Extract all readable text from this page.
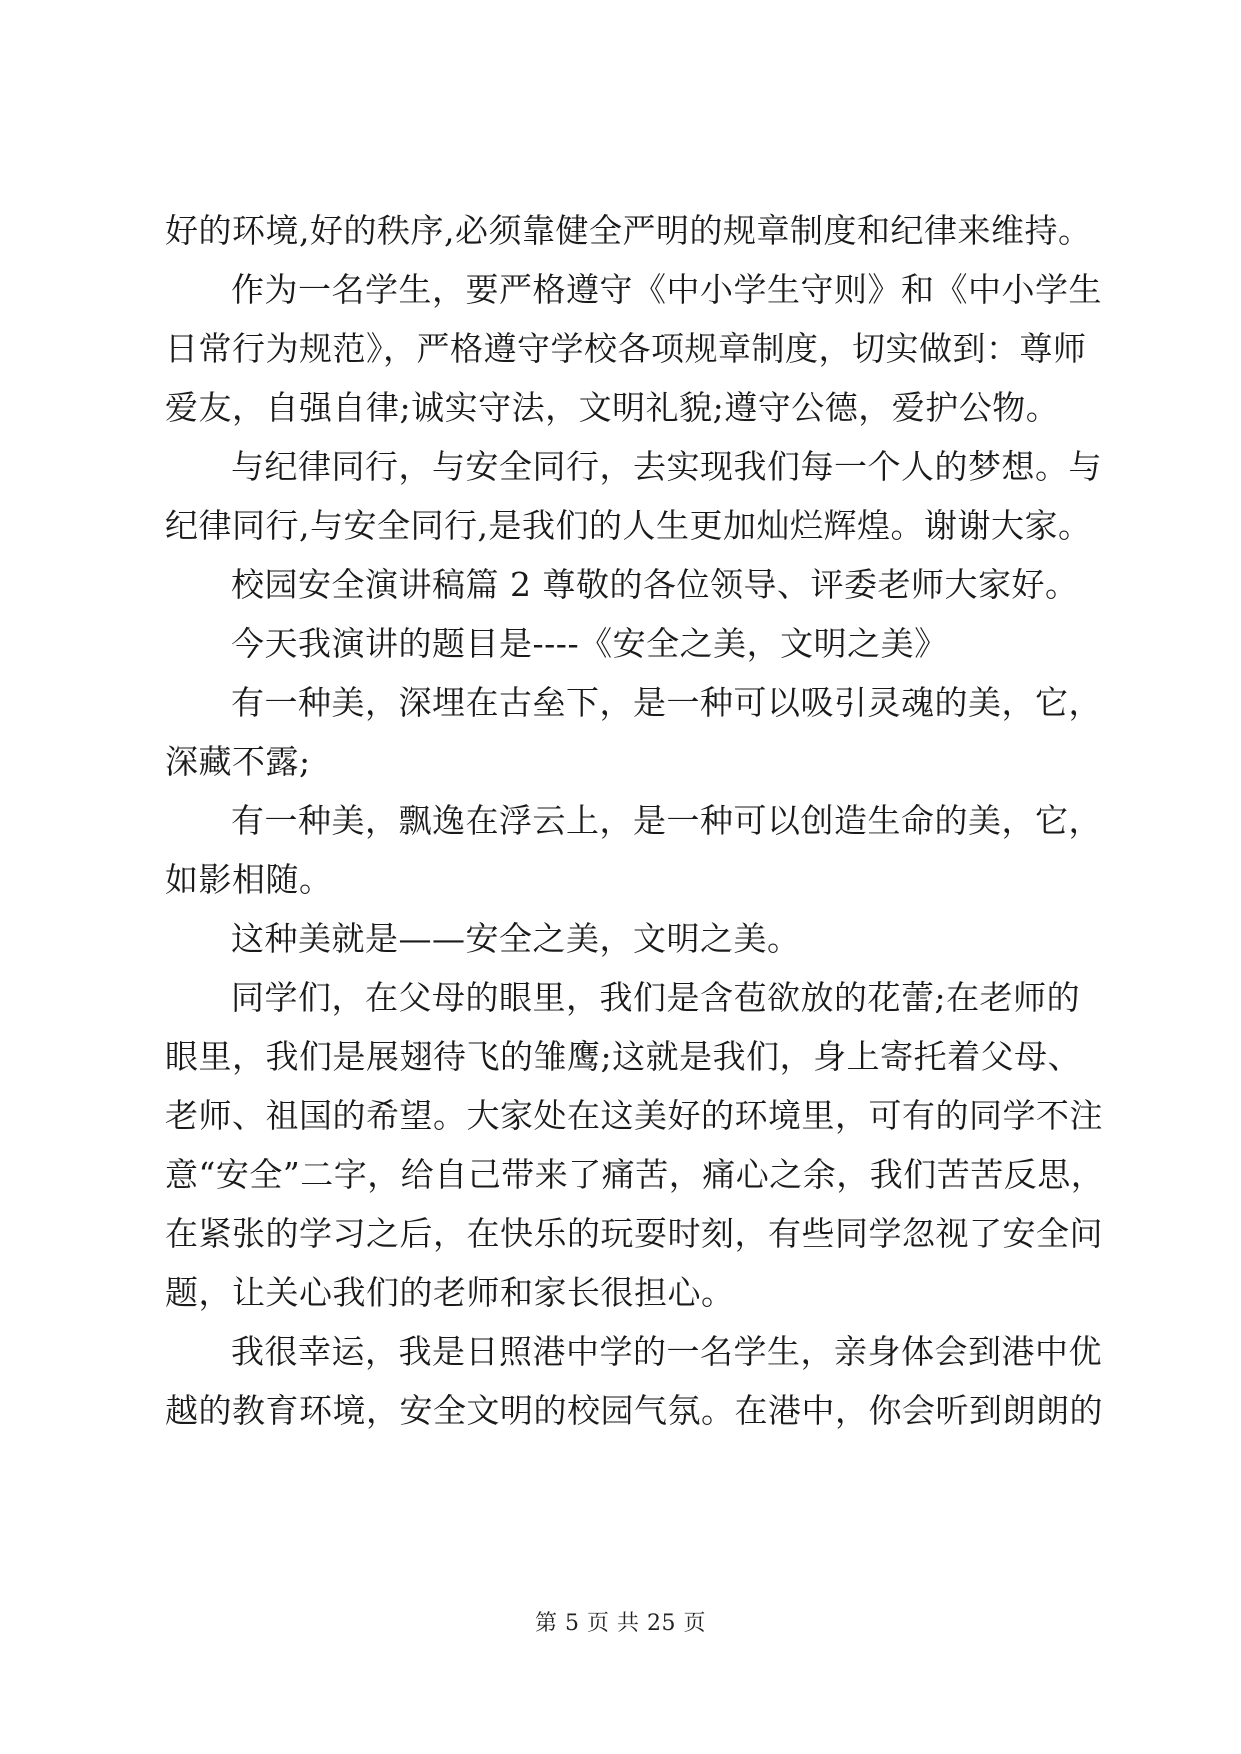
好的环境,好的秩序,必须靠健全严明的规章制度和纪律来维持。
作为一名学生，要严格遵守《中小学生守则》和《中小学生
日常行为规范》，严格遵守学校各项规章制度，切实做到：尊师
爱友，自强自律;诚实守法，文明礼貌;遵守公德，爱护公物。
与纪律同行，与安全同行，去实现我们每一个人的梦想。与
纪律同行,与安全同行,是我们的人生更加灿烂辉煌。谢谢大家。
校园安全演讲稿篇 2 尊敬的各位领导、评委老师大家好。
今天我演讲的题目是----《安全之美，文明之美》
有一种美，深埋在古垒下，是一种可以吸引灵魂的美，它，
深藏不露;
有一种美，飘逸在浮云上，是一种可以创造生命的美，它，
如影相随。
这种美就是——安全之美，文明之美。
同学们，在父母的眼里，我们是含苞欲放的花蕾;在老师的
眼里，我们是展翅待飞的雏鹰;这就是我们，身上寄托着父母、
老师、祖国的希望。大家处在这美好的环境里，可有的同学不注
意“安全”二字，给自己带来了痛苦，痛心之余，我们苦苦反思，
在紧张的学习之后，在快乐的玩耍时刻，有些同学忽视了安全问
题，让关心我们的老师和家长很担心。
我很幸运，我是日照港中学的一名学生，亲身体会到港中优
越的教育环境，安全文明的校园气氛。在港中，你会听到朗朗的
第 5 页 共 25 页
